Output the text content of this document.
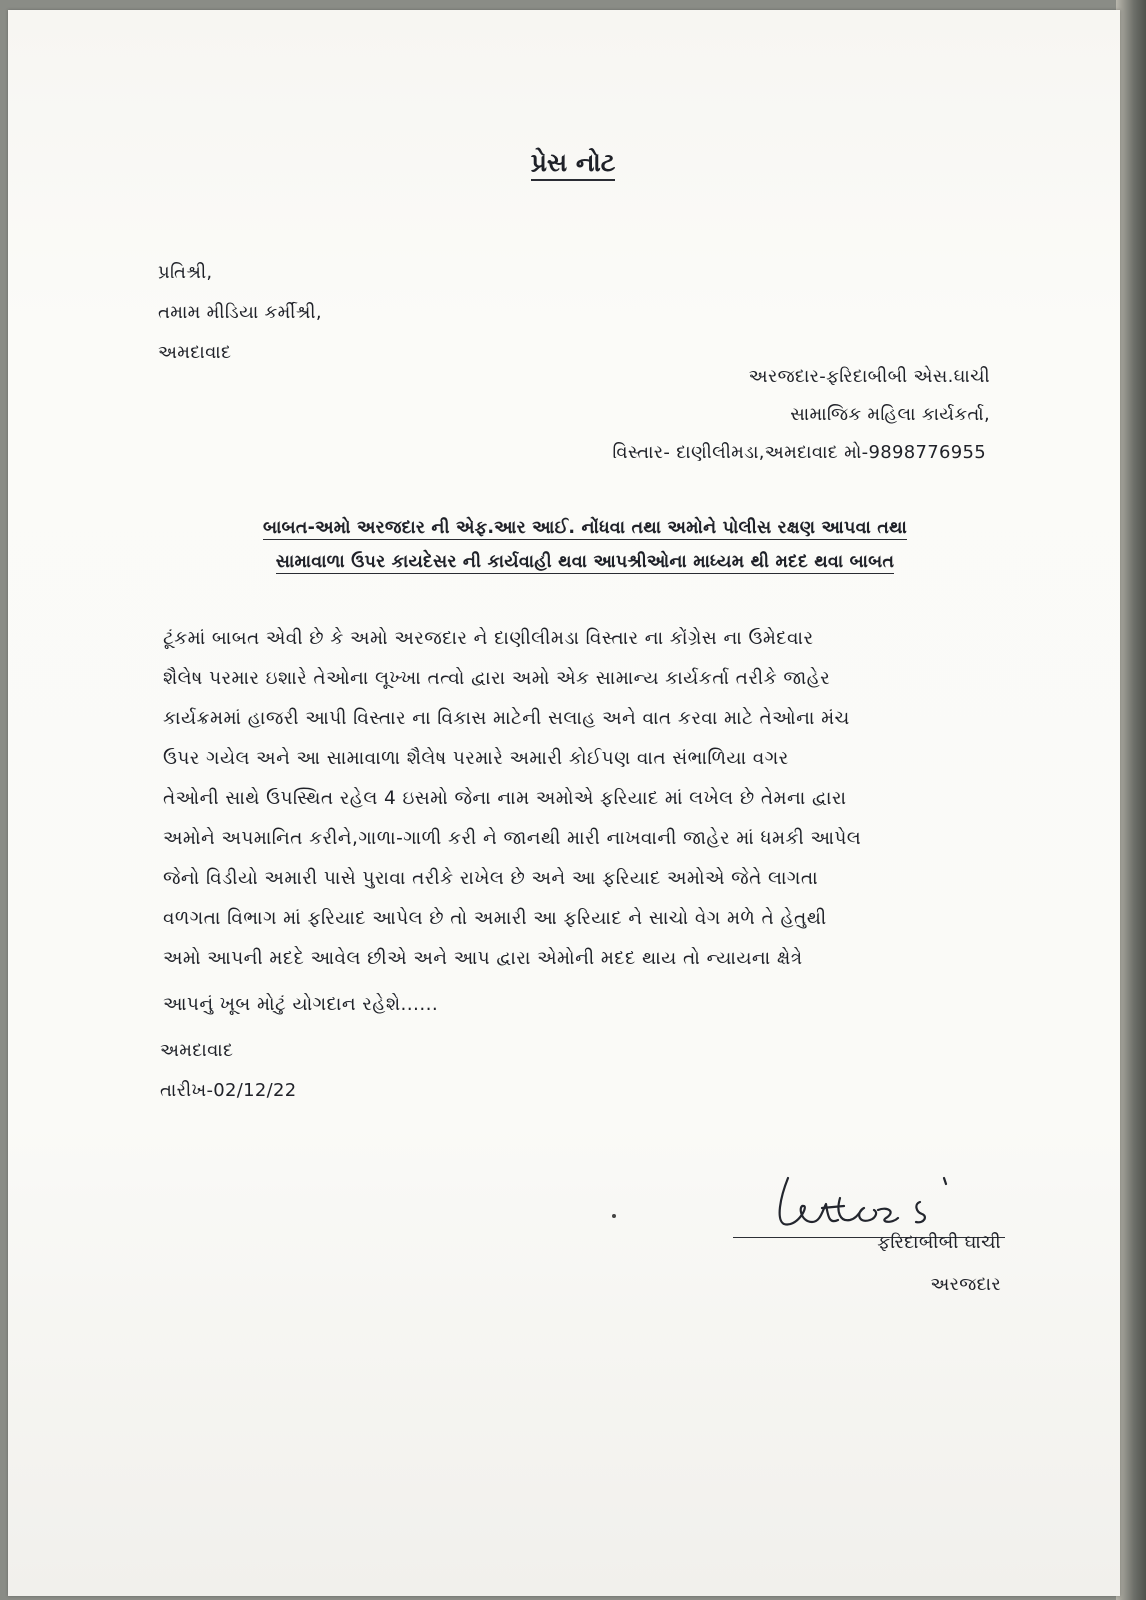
પ્રેસ નોટ
પ્રતિશ્રી,
તમામ મીડિયા કર્મીશ્રી,
અમદાવાદ
અરજદાર-ફરિદાબીબી એસ.ઘાચી
સામાજિક મહિલા કાર્યકર્તા,
વિસ્તાર- દાણીલીમડા,અમદાવાદ મો-9898776955
બાબત-અમો અરજદાર ની એફ.આર આઈ. નોંધવા તથા અમોને પોલીસ રક્ષણ આપવા તથા
સામાવાળા ઉપર કાયદેસર ની કાર્યવાહી થવા આપશ્રીઓના માધ્યમ થી મદદ થવા બાબત
ટૂંકમાં બાબત એવી છે કે અમો અરજદાર ને દાણીલીમડા વિસ્તાર ના કોંગ્રેસ ના ઉમેદવાર
શૈલેષ પરમાર ઇશારે તેઓના લૂખ્ખા તત્વો દ્વારા અમો એક સામાન્ય કાર્યકર્તા તરીકે જાહેર
કાર્યક્રમમાં હાજરી આપી વિસ્તાર ના વિકાસ માટેની સલાહ અને વાત કરવા માટે તેઓના મંચ
ઉપર ગયેલ અને આ સામાવાળા શૈલેષ પરમારે અમારી કોઈપણ વાત સંભાળિયા વગર
તેઓની સાથે ઉપસ્થિત રહેલ 4 ઇસમો જેના નામ અમોએ ફરિયાદ માં લખેલ છે તેમના દ્વારા
અમોને અપમાનિત કરીને,ગાળા-ગાળી કરી ને જાનથી મારી નાખવાની જાહેર માં ધમકી આપેલ
જેનો વિડીયો અમારી પાસે પુરાવા તરીકે રાખેલ છે અને આ ફરિયાદ અમોએ જેતે લાગતા
વળગતા વિભાગ માં ફરિયાદ આપેલ છે તો અમારી આ ફરિયાદ ને સાચો વેગ મળે તે હેતુથી
અમો આપની મદદે આવેલ છીએ અને આપ દ્વારા એમોની મદદ થાય તો ન્યાયના ક્ષેત્રે
આપનું ખૂબ મોટું યોગદાન રહેશે......
અમદાવાદ
તારીખ-02/12/22
ફરિદાબીબી ઘાચી
અરજદાર
